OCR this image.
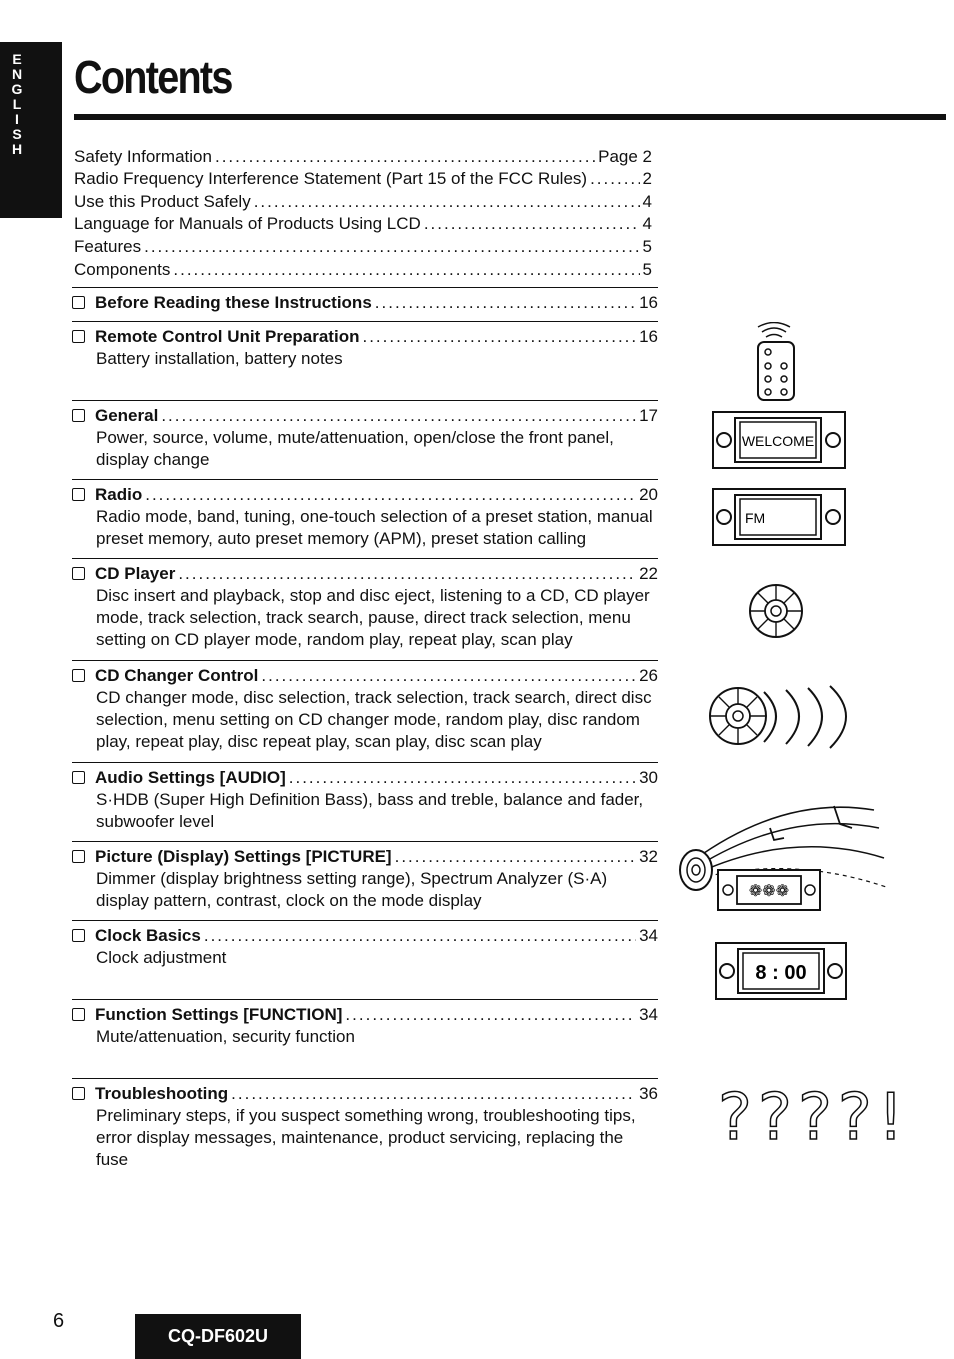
E
N
G
L
I
S
H
Contents
Safety Information .....	Page 2
Radio Frequency Interference Statement (Part 15 of the FCC Rules) .....	2
Use this Product Safely .....	4
Language for Manuals of Products Using LCD .....	4
Features .....	5
Components .....	5
Before Reading these Instructions .....	16
Remote Control Unit Preparation .....	16
Battery installation, battery notes
General .....	17
Power, source, volume, mute/attenuation, open/close the front panel, display change
Radio .....	20
Radio mode, band, tuning, one-touch selection of a preset station, manual preset memory, auto preset memory (APM), preset station calling
CD Player .....	22
Disc insert and playback, stop and disc eject, listening to a CD, CD player mode, track selection, track search, pause, direct track selection, menu setting on CD player mode, random play, repeat play, scan play
CD Changer Control .....	26
CD changer mode, disc selection, track selection, track search, direct disc selection, menu setting on CD changer mode, random play, disc random play, repeat play, disc repeat play, scan play, disc scan play
Audio Settings [AUDIO] .....	30
S·HDB (Super High Definition Bass), bass and treble, balance and fader, subwoofer level
Picture (Display) Settings [PICTURE] .....	32
Dimmer (display brightness setting range), Spectrum Analyzer (S·A) display pattern, contrast, clock on the mode display
Clock Basics .....	34
Clock adjustment
Function Settings [FUNCTION] .....	34
Mute/attenuation, security function
Troubleshooting .....	36
Preliminary steps, if you suspect something wrong, troubleshooting tips, error display messages, maintenance, product servicing, replacing the fuse
WELCOME
FM
❁❁❁
8 : 00
????!
6
CQ-DF602U
